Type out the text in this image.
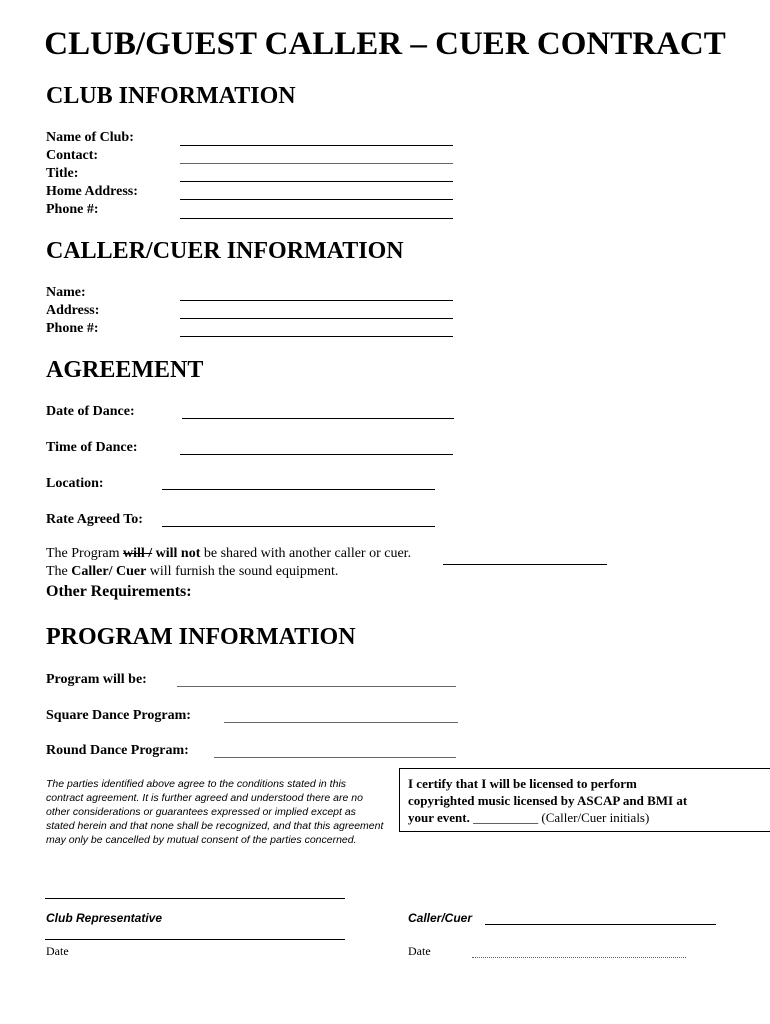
CLUB/GUEST CALLER – CUER CONTRACT
CLUB INFORMATION
Name of Club:
Contact:
Title:
Home Address:
Phone #:
CALLER/CUER INFORMATION
Name:
Address:
Phone #:
AGREEMENT
Date of Dance:
Time of Dance:
Location:
Rate Agreed To:
The Program will / will not be shared with another caller or cuer.
The Caller/ Cuer will furnish the sound equipment.
Other Requirements:
PROGRAM INFORMATION
Program will be:
Square Dance Program:
Round Dance Program:
The parties identified above agree to the conditions stated in this contract agreement. It is further agreed and understood there are no other considerations or guarantees expressed or implied except as stated herein and that none shall be recognized, and that this agreement may only be cancelled by mutual consent of the parties concerned.
I certify that I will be licensed to perform
copyrighted music licensed by ASCAP and BMI at
your event. __________ (Caller/Cuer initials)
Club Representative
Date
Caller/Cuer
Date
